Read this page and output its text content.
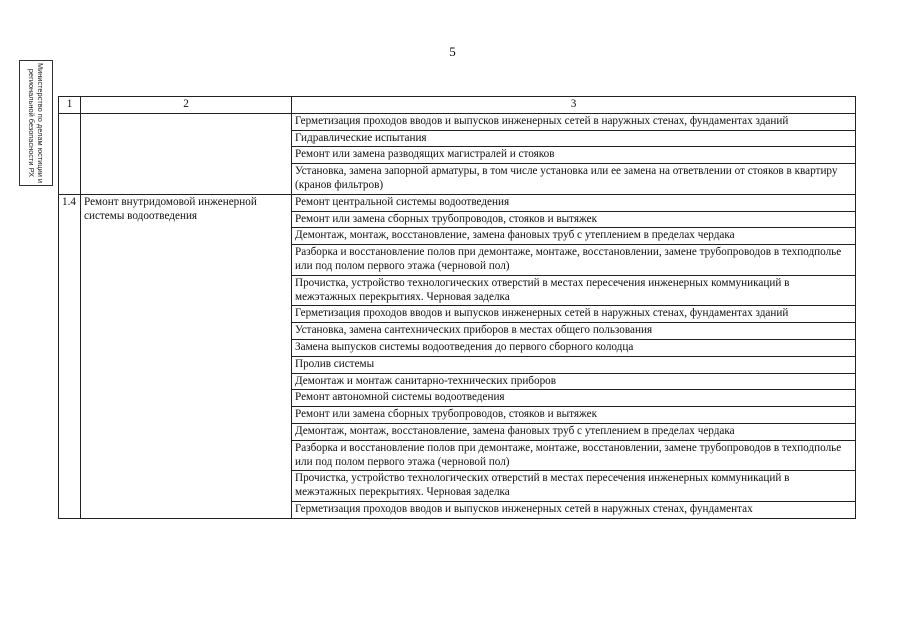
5
Министерство по делам юстиции и региональной безопасности РХ	1	2	3
		Герметизация проходов вводов и выпусков инженерных сетей в наружных стенах, фундаментах зданий
		Гидравлические испытания
		Ремонт или замена разводящих магистралей и стояков
		Установка, замена запорной арматуры, в том числе установка или ее замена на ответвлении от стояков в квартиру (кранов фильтров)
1.4	Ремонт внутридомовой инженерной системы водоотведения	Ремонт центральной системы водоотведения
		Ремонт или замена сборных трубопроводов, стояков и вытяжек
		Демонтаж, монтаж, восстановление, замена фановых труб с утеплением в пределах чердака
		Разборка и восстановление полов при демонтаже, монтаже, восстановлении, замене трубопроводов в техподполье или под полом первого этажа (черновой пол)
		Прочистка, устройство технологических отверстий в местах пересечения инженерных коммуникаций в межэтажных перекрытиях. Черновая заделка
		Герметизация проходов вводов и выпусков инженерных сетей в наружных стенах, фундаментах зданий
		Установка, замена сантехнических приборов в местах общего пользования
		Замена выпусков системы водоотведения до первого сборного колодца
		Пролив системы
		Демонтаж и монтаж санитарно-технических приборов
		Ремонт автономной системы водоотведения
		Ремонт или замена сборных трубопроводов, стояков и вытяжек
		Демонтаж, монтаж, восстановление, замена фановых труб с утеплением в пределах чердака
		Разборка и восстановление полов при демонтаже, монтаже, восстановлении, замене трубопроводов в техподполье или под полом первого этажа (черновой пол)
		Прочистка, устройство технологических отверстий в местах пересечения инженерных коммуникаций в межэтажных перекрытиях. Черновая заделка
		Герметизация проходов вводов и выпусков инженерных сетей в наружных стенах, фундаментах
